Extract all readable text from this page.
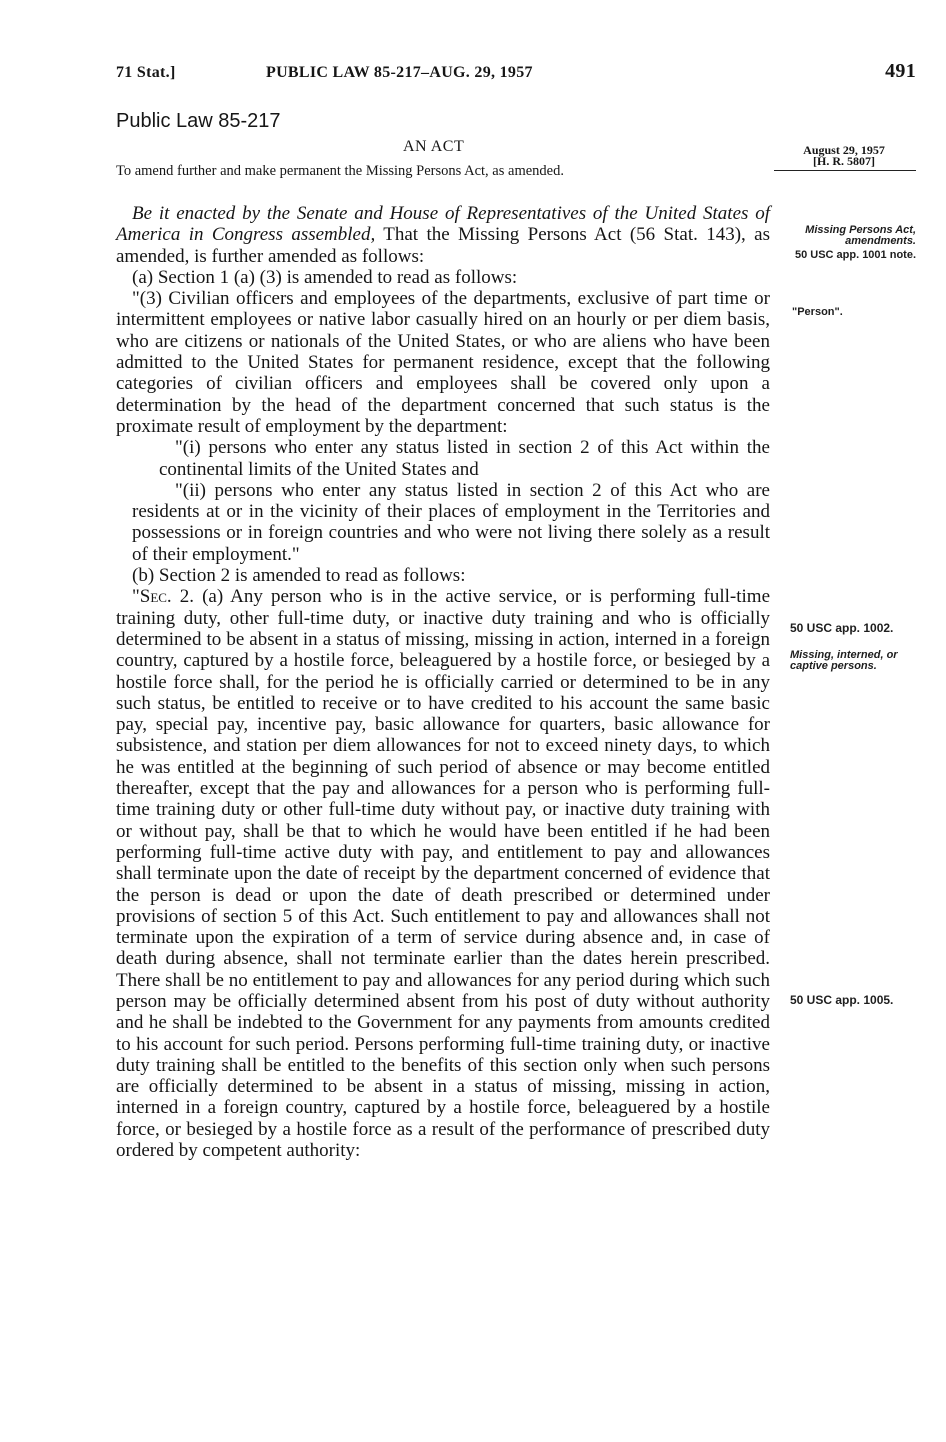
71 Stat.]	PUBLIC LAW 85-217–AUG. 29, 1957	491
Public Law 85-217
AN ACT
To amend further and make permanent the Missing Persons Act, as amended.
August 29, 1957
[H. R. 5807]

Be it enacted by the Senate and House of Representatives of the United States of America in Congress assembled, That the Missing Persons Act (56 Stat. 143), as amended, is further amended as follows:

(a) Section 1 (a) (3) is amended to read as follows:

"(3) Civilian officers and employees of the departments, exclusive of part time or intermittent employees or native labor casually hired on an hourly or per diem basis, who are citizens or nationals of the United States, or who are aliens who have been admitted to the United States for permanent residence, except that the following categories of civilian officers and employees shall be covered only upon a determination by the head of the department concerned that such status is the proximate result of employment by the department:

"(i) persons who enter any status listed in section 2 of this Act within the continental limits of the United States and

"(ii) persons who enter any status listed in section 2 of this Act who are residents at or in the vicinity of their places of employment in the Territories and possessions or in foreign countries and who were not living there solely as a result of their employment."

(b) Section 2 is amended to read as follows:

"Sec. 2. (a) Any person who is in the active service, or is performing full-time training duty, other full-time duty, or inactive duty training and who is officially determined to be absent in a status of missing, missing in action, interned in a foreign country, captured by a hostile force, beleaguered by a hostile force, or besieged by a hostile force shall, for the period he is officially carried or determined to be in any such status, be entitled to receive or to have credited to his account the same basic pay, special pay, incentive pay, basic allowance for quarters, basic allowance for subsistence, and station per diem allowances for not to exceed ninety days, to which he was entitled at the beginning of such period of absence or may become entitled thereafter, except that the pay and allowances for a person who is performing full-time training duty or other full-time duty without pay, or inactive duty training with or without pay, shall be that to which he would have been entitled if he had been performing full-time active duty with pay, and entitlement to pay and allowances shall terminate upon the date of receipt by the department concerned of evidence that the person is dead or upon the date of death prescribed or determined under provisions of section 5 of this Act. Such entitlement to pay and allowances shall not terminate upon the expiration of a term of service during absence and, in case of death during absence, shall not terminate earlier than the dates herein prescribed. There shall be no entitlement to pay and allowances for any period during which such person may be officially determined absent from his post of duty without authority and he shall be indebted to the Government for any payments from amounts credited to his account for such period. Persons performing full-time training duty, or inactive duty training shall be entitled to the benefits of this section only when such persons are officially determined to be absent in a status of missing, missing in action, interned in a foreign country, captured by a hostile force, beleaguered by a hostile force, or besieged by a hostile force as a result of the performance of prescribed duty ordered by competent authority:

Missing Persons Act, amendments.
50 USC app. 1001 note.
"Person".
50 USC app. 1002.
Missing, interned, or captive persons.
50 USC app. 1005.
